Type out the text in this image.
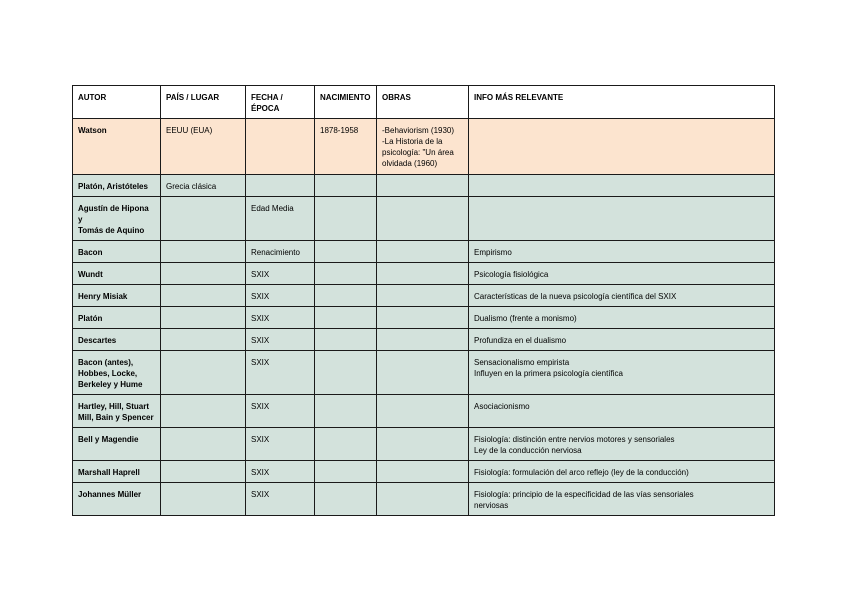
AUTOR	PAÍS / LUGAR	FECHA / ÉPOCA	NACIMIENTO	OBRAS	INFO MÁS RELEVANTE

Watson	EEUU (EUA)		1878-1958	-Behaviorism (1930)
-La Historia de la
psicología: "Un área
olvidada (1960)	

Platón, Aristóteles	Grecia clásica				

Agustín de Hipona y
Tomás de Aquino		Edad Media			

Bacon		Renacimiento			Empirismo

Wundt		SXIX			Psicología fisiológica

Henry Misiak		SXIX			Características de la nueva psicología científica del SXIX

Platón		SXIX			Dualismo (frente a monismo)

Descartes		SXIX			Profundiza en el dualismo

Bacon (antes),
Hobbes, Locke,
Berkeley y Hume		SXIX			Sensacionalismo empirista
Influyen en la primera psicología científica

Hartley, Hill, Stuart
Mill, Bain y Spencer		SXIX			Asociacionismo

Bell y Magendie		SXIX			Fisiología: distinción entre nervios motores y sensoriales
Ley de la conducción nerviosa

Marshall Haprell		SXIX			Fisiología: formulación del arco reflejo (ley de la conducción)

Johannes Müller		SXIX			Fisiología: principio de la especificidad de las vías sensoriales
nerviosas
